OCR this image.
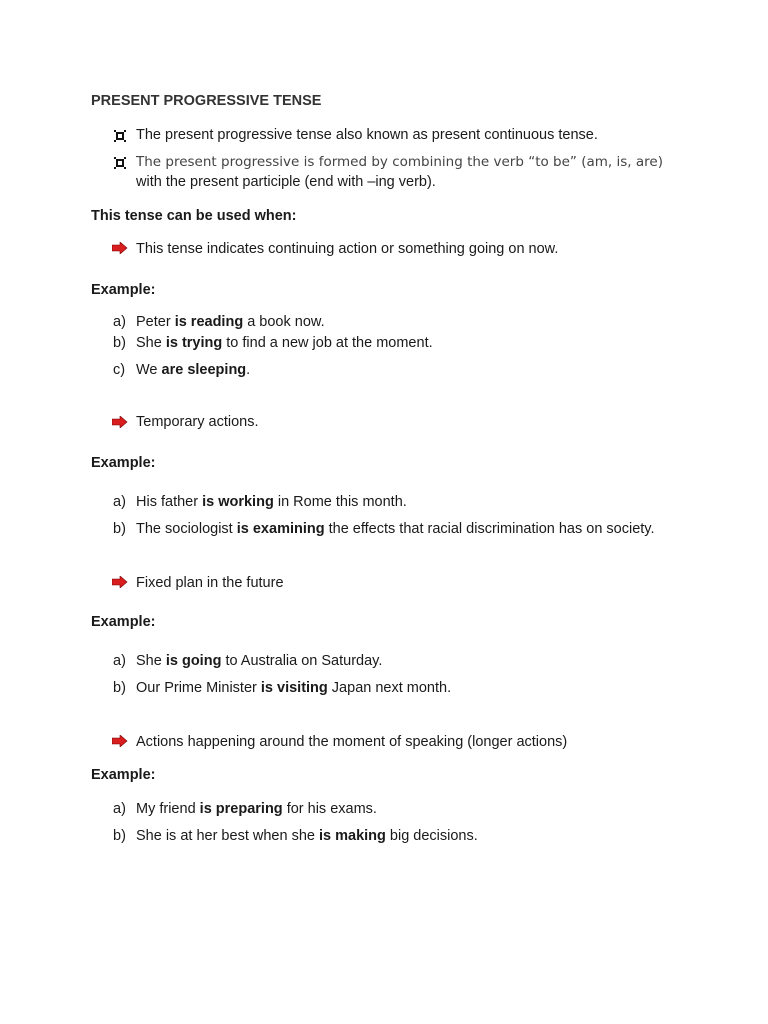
PRESENT PROGRESSIVE TENSE
The present progressive tense also known as present continuous tense.
The present progressive is formed by combining the verb “to be” (am, is, are)
with the present participle (end with –ing verb).
This tense can be used when:
This tense indicates continuing action or something going on now.
Example:
a) Peter is reading a book now.
b) She is trying to find a new job at the moment.
c) We are sleeping.
Temporary actions.
Example:
a) His father is working in Rome this month.
b) The sociologist is examining the effects that racial discrimination has on society.
Fixed plan in the future
Example:
a) She is going to Australia on Saturday.
b) Our Prime Minister is visiting Japan next month.
Actions happening around the moment of speaking (longer actions)
Example:
a) My friend is preparing for his exams.
b) She is at her best when she is making big decisions.
